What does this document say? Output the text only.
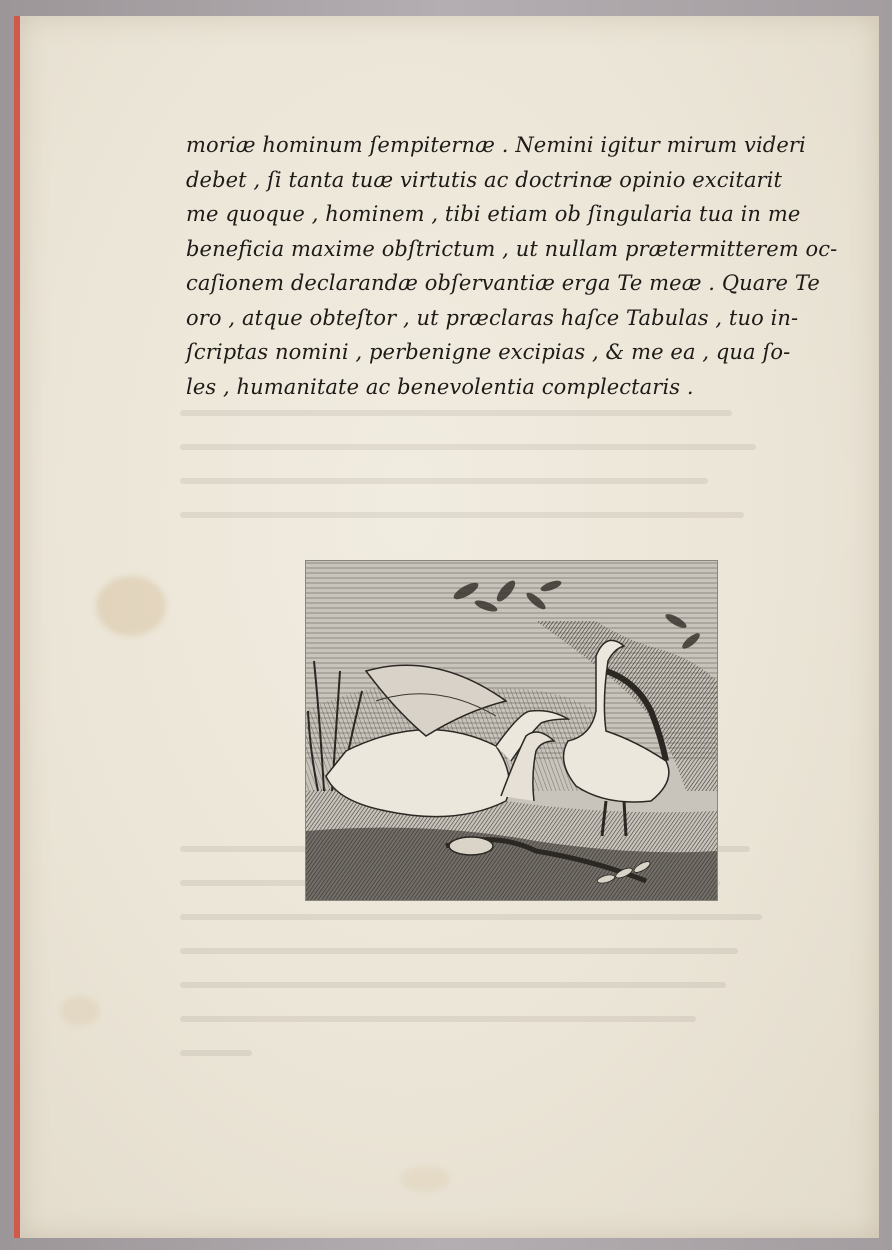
moriæ hominum ſempiternæ . Nemini igitur mirum videri
debet , ſi tanta tuæ virtutis ac doctrinæ opinio excitarit
me quoque , hominem , tibi etiam ob ſingularia tua in me
beneficia maxime obſtrictum , ut nullam prætermitterem oc-
caſionem declarandæ obſervantiæ erga Te meæ . Quare Te
oro , atque obteſtor , ut præclaras haſce Tabulas , tuo in-
ſcriptas nomini , perbenigne excipias , & me ea , qua ſo-
les , humanitate ac benevolentia complectaris .
